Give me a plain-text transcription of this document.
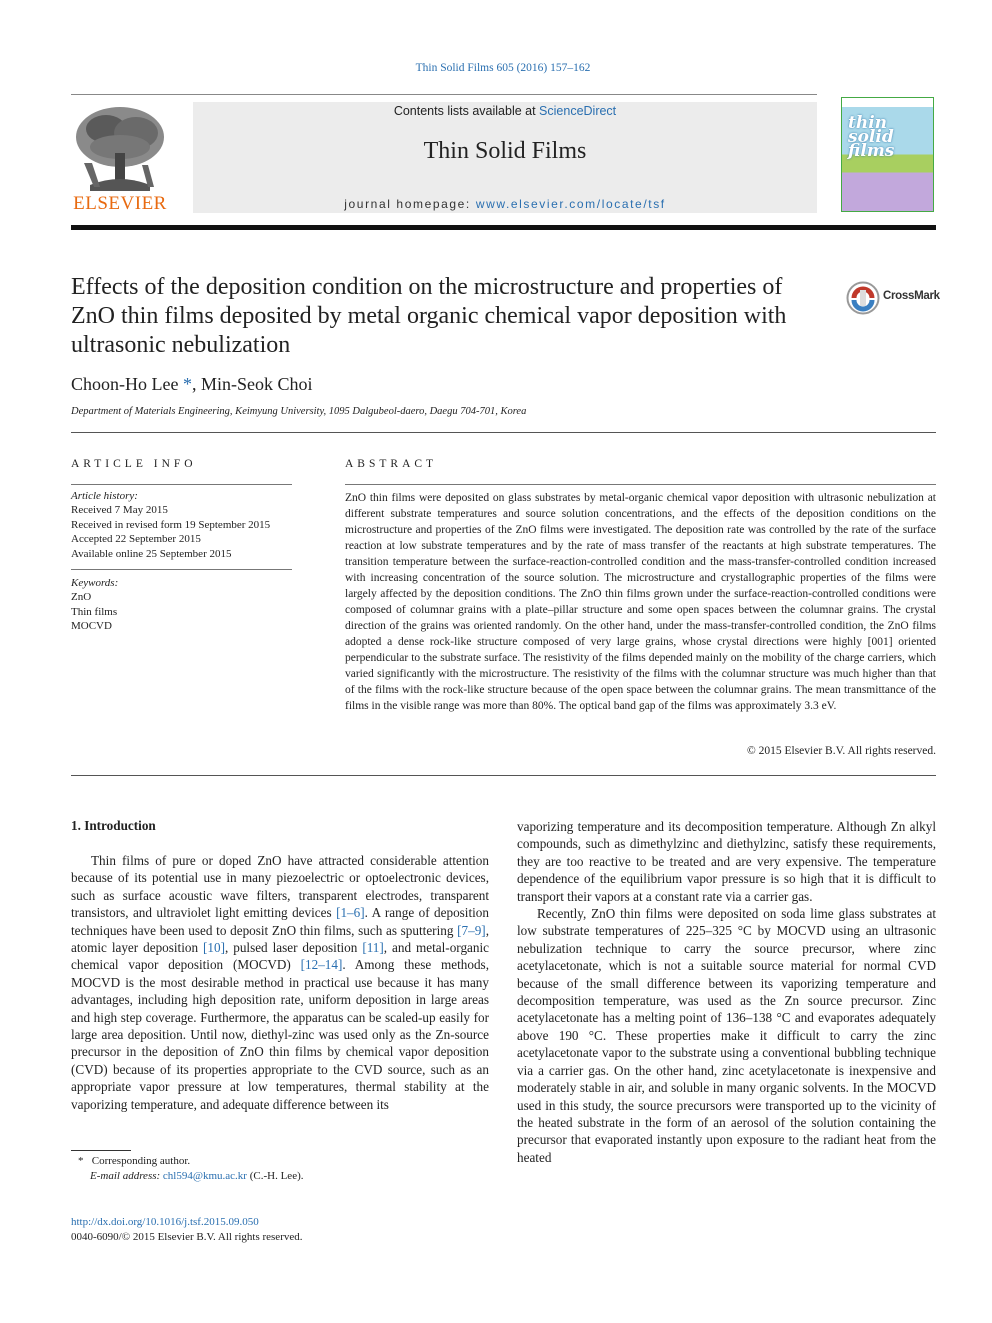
Thin Solid Films 605 (2016) 157–162
ELSEVIER
Contents lists available at ScienceDirect
Thin Solid Films
journal homepage: www.elsevier.com/locate/tsf
thin solid films
Effects of the deposition condition on the microstructure and properties of ZnO thin films deposited by metal organic chemical vapor deposition with ultrasonic nebulization
CrossMark
Choon-Ho Lee *, Min-Seok Choi
Department of Materials Engineering, Keimyung University, 1095 Dalgubeol-daero, Daegu 704-701, Korea
ARTICLE INFO
Article history:
Received 7 May 2015
Received in revised form 19 September 2015
Accepted 22 September 2015
Available online 25 September 2015
Keywords:
ZnO
Thin films
MOCVD
ABSTRACT
ZnO thin films were deposited on glass substrates by metal-organic chemical vapor deposition with ultrasonic nebulization at different substrate temperatures and source solution concentrations, and the effects of the deposition conditions on the microstructure and properties of the ZnO films were investigated. The deposition rate was controlled by the rate of the surface reaction at low substrate temperatures and by the rate of mass transfer of the reactants at high substrate temperatures. The transition temperature between the surface-reaction-controlled condition and the mass-transfer-controlled condition increased with increasing concentration of the source solution. The microstructure and crystallographic properties of the films were largely affected by the deposition conditions. The ZnO thin films grown under the surface-reaction-controlled conditions were composed of columnar grains with a plate–pillar structure and some open spaces between the columnar grains. The crystal direction of the grains was oriented randomly. On the other hand, under the mass-transfer-controlled condition, the ZnO films adopted a dense rock-like structure composed of very large grains, whose crystal directions were highly [001] oriented perpendicular to the substrate surface. The resistivity of the films depended mainly on the mobility of the charge carriers, which varied significantly with the microstructure. The resistivity of the films with the columnar structure was much higher than that of the films with the rock-like structure because of the open space between the columnar grains. The mean transmittance of the films in the visible range was more than 80%. The optical band gap of the films was approximately 3.3 eV.
© 2015 Elsevier B.V. All rights reserved.
1. Introduction

Thin films of pure or doped ZnO have attracted considerable attention because of its potential use in many piezoelectric or optoelectronic devices, such as surface acoustic wave filters, transparent electrodes, transparent transistors, and ultraviolet light emitting devices [1–6]. A range of deposition techniques have been used to deposit ZnO thin films, such as sputtering [7–9], atomic layer deposition [10], pulsed laser deposition [11], and metal-organic chemical vapor deposition (MOCVD) [12–14]. Among these methods, MOCVD is the most desirable method in practical use because it has many advantages, including high deposition rate, uniform deposition in large areas and high step coverage. Furthermore, the apparatus can be scaled-up easily for large area deposition. Until now, diethyl-zinc was used only as the Zn-source precursor in the deposition of ZnO thin films by chemical vapor deposition (CVD) because of its properties appropriate to the CVD source, such as an appropriate vapor pressure at low temperatures, thermal stability at the vaporizing temperature, and adequate difference between its

vaporizing temperature and its decomposition temperature. Although Zn alkyl compounds, such as dimethylzinc and diethylzinc, satisfy these requirements, they are too reactive to be treated and are very expensive. The temperature dependence of the equilibrium vapor pressure is so high that it is difficult to transport their vapors at a constant rate via a carrier gas.

Recently, ZnO thin films were deposited on soda lime glass substrates at low substrate temperatures of 225–325 °C by MOCVD using an ultrasonic nebulization technique to carry the source precursor, where zinc acetylacetonate, which is not a suitable source material for normal CVD because of the small difference between its vaporizing temperature and decomposition temperature, was used as the Zn source precursor. Zinc acetylacetonate has a melting point of 136–138 °C and evaporates adequately above 190 °C. These properties make it difficult to carry the zinc acetylacetonate vapor to the substrate using a conventional bubbling technique via a carrier gas. On the other hand, zinc acetylacetonate is inexpensive and moderately stable in air, and soluble in many organic solvents. In the MOCVD used in this study, the source precursors were transported up to the vicinity of the heated substrate in the form of an aerosol of the solution containing the precursor that evaporated instantly upon exposure to the radiant heat from the heated

* Corresponding author.
E-mail address: chl594@kmu.ac.kr (C.-H. Lee).
http://dx.doi.org/10.1016/j.tsf.2015.09.050
0040-6090/© 2015 Elsevier B.V. All rights reserved.
